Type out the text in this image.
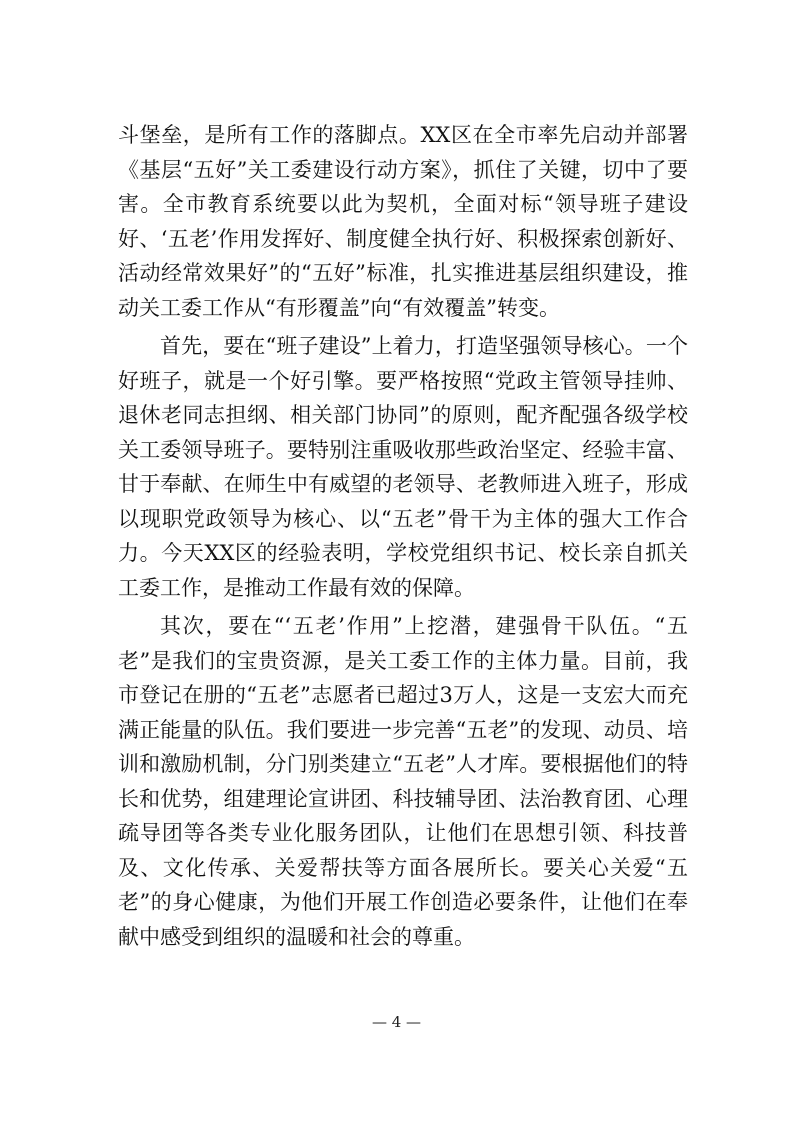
斗堡垒，是所有工作的落脚点。XX区在全市率先启动并部署《基层“五好”关工委建设行动方案》，抓住了关键，切中了要害。全市教育系统要以此为契机，全面对标“领导班子建设好、‘五老’作用发挥好、制度健全执行好、积极探索创新好、活动经常效果好”的“五好”标准，扎实推进基层组织建设，推动关工委工作从“有形覆盖”向“有效覆盖”转变。

首先，要在“班子建设”上着力，打造坚强领导核心。一个好班子，就是一个好引擎。要严格按照“党政主管领导挂帅、退休老同志担纲、相关部门协同”的原则，配齐配强各级学校关工委领导班子。要特别注重吸收那些政治坚定、经验丰富、甘于奉献、在师生中有威望的老领导、老教师进入班子，形成以现职党政领导为核心、以“五老”骨干为主体的强大工作合力。今天XX区的经验表明，学校党组织书记、校长亲自抓关工委工作，是推动工作最有效的保障。

其次，要在“‘五老’作用”上挖潜，建强骨干队伍。“五老”是我们的宝贵资源，是关工委工作的主体力量。目前，我市登记在册的“五老”志愿者已超过3万人，这是一支宏大而充满正能量的队伍。我们要进一步完善“五老”的发现、动员、培训和激励机制，分门别类建立“五老”人才库。要根据他们的特长和优势，组建理论宣讲团、科技辅导团、法治教育团、心理疏导团等各类专业化服务团队，让他们在思想引领、科技普及、文化传承、关爱帮扶等方面各展所长。要关心关爱“五老”的身心健康，为他们开展工作创造必要条件，让他们在奉献中感受到组织的温暖和社会的尊重。

— 4 —
